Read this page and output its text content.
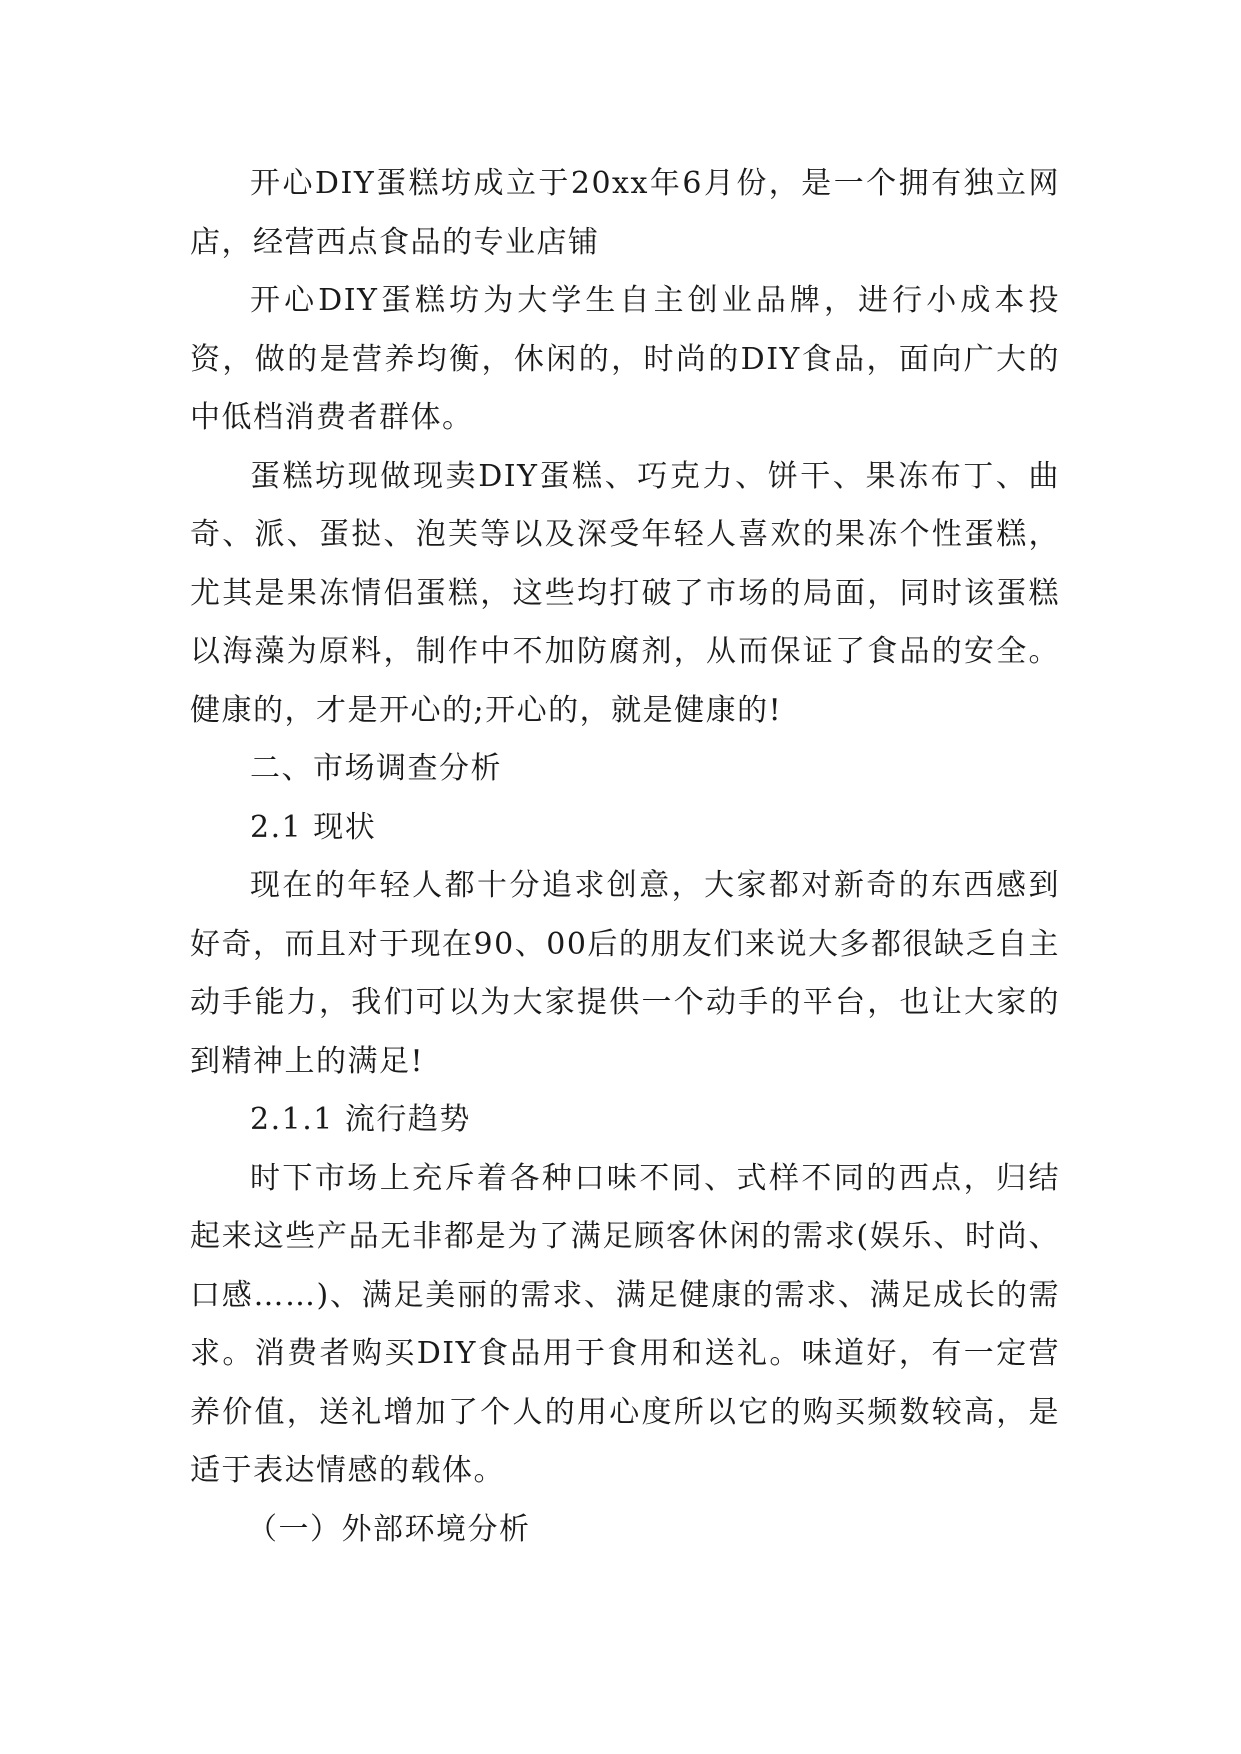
开心DIY蛋糕坊成立于20xx年6月份，是一个拥有独立网店，经营西点食品的专业店铺

开心DIY蛋糕坊为大学生自主创业品牌，进行小成本投资，做的是营养均衡，休闲的，时尚的DIY食品，面向广大的中低档消费者群体。

蛋糕坊现做现卖DIY蛋糕、巧克力、饼干、果冻布丁、曲奇、派、蛋挞、泡芙等以及深受年轻人喜欢的果冻个性蛋糕，尤其是果冻情侣蛋糕，这些均打破了市场的局面，同时该蛋糕以海藻为原料，制作中不加防腐剂，从而保证了食品的安全。健康的，才是开心的;开心的，就是健康的!

二、市场调查分析

2.1 现状

现在的年轻人都十分追求创意，大家都对新奇的东西感到好奇，而且对于现在90、00后的朋友们来说大多都很缺乏自主动手能力，我们可以为大家提供一个动手的平台，也让大家的到精神上的满足!

2.1.1 流行趋势

时下市场上充斥着各种口味不同、式样不同的西点，归结起来这些产品无非都是为了满足顾客休闲的需求(娱乐、时尚、口感……)、满足美丽的需求、满足健康的需求、满足成长的需求。消费者购买DIY食品用于食用和送礼。味道好，有一定营养价值，送礼增加了个人的用心度所以它的购买频数较高，是适于表达情感的载体。

（一）外部环境分析
